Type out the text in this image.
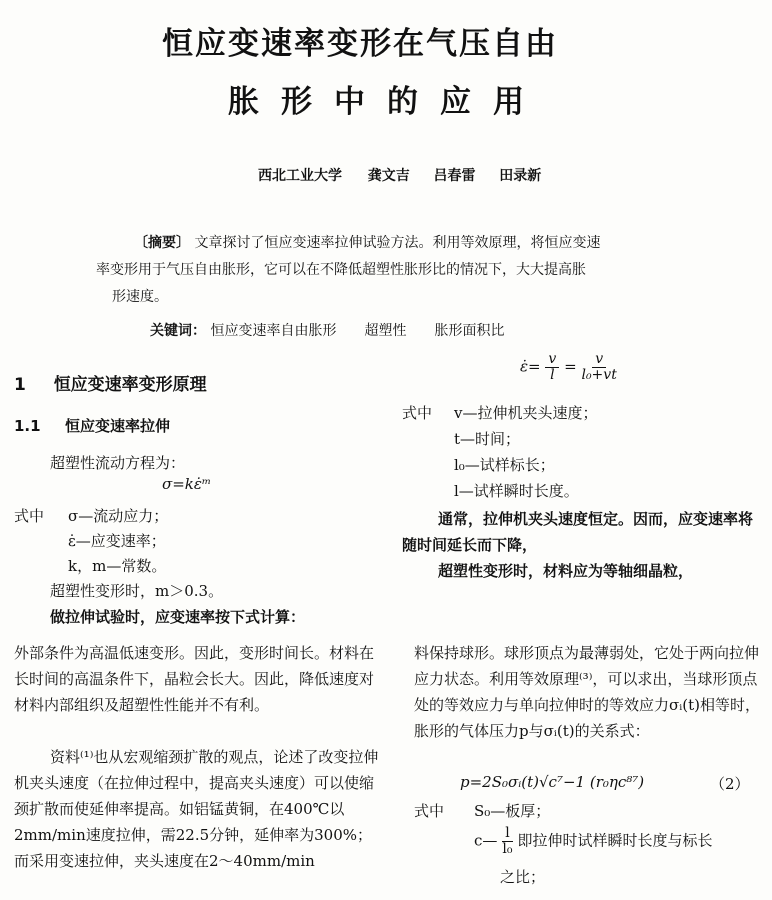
恒应变速率变形在气压自由
胀形中的应用
西北工业大学 龚文吉 吕春雷 田录新
〔摘要〕 文章探讨了恒应变速率拉伸试验方法。利用等效原理，将恒应变速
率变形用于气压自由胀形，它可以在不降低超塑性胀形比的情况下，大大提高胀
形速度。
关键词： 恒应变速率自由胀形　　超塑性　　胀形面积比
1 恒应变速率变形原理
1.1 恒应变速率拉伸
超塑性流动方程为：
σ=kε̇ᵐ
式中 σ—流动应力；
ε̇—应变速率；
k，m—常数。
超塑性变形时，m＞0.3。
做拉伸试验时，应变速率按下式计算：
ε̇= $\frac{v}{l} = \frac{v}{\text{l₀+vt}}$
式中 v—拉伸机夹头速度；
t—时间；
l₀—试样标长；
l—试样瞬时长度。
通常，拉伸机夹头速度恒定。因而，应变速率将随时间延长而下降，
超塑性变形时，材料应为等轴细晶粒，
外部条件为高温低速变形。因此，变形时间长。材料在长时间的高温条件下，晶粒会长大。因此，降低速度对材料内部组织及超塑性性能并不有利。
资料⁽¹⁾也从宏观缩颈扩散的观点，论述了改变拉伸机夹头速度（在拉伸过程中，提高夹头速度）可以使缩颈扩散而使延伸率提高。如铝锰黄铜，在400℃以2mm/min速度拉伸，需22.5分钟，延伸率为300%；而采用变速拉伸，夹头速度在2～40mm/min
料保持球形。球形顶点为最薄弱处，它处于两向拉伸应力状态。利用等效原理⁽³⁾，可以求出，当球形顶点处的等效应力与单向拉伸时的等效应力σᵢ(t)相等时，胀形的气体压力p与σᵢ(t)的关系式：
p=2S₀σᵢ(t)√c⁷−1 (r₀ηc⁸⁷)	（2）
式中 S₀—板厚；
c— $\frac{l}{\text{l₀}}$ 即拉伸时试样瞬时长度与标长
之比；
